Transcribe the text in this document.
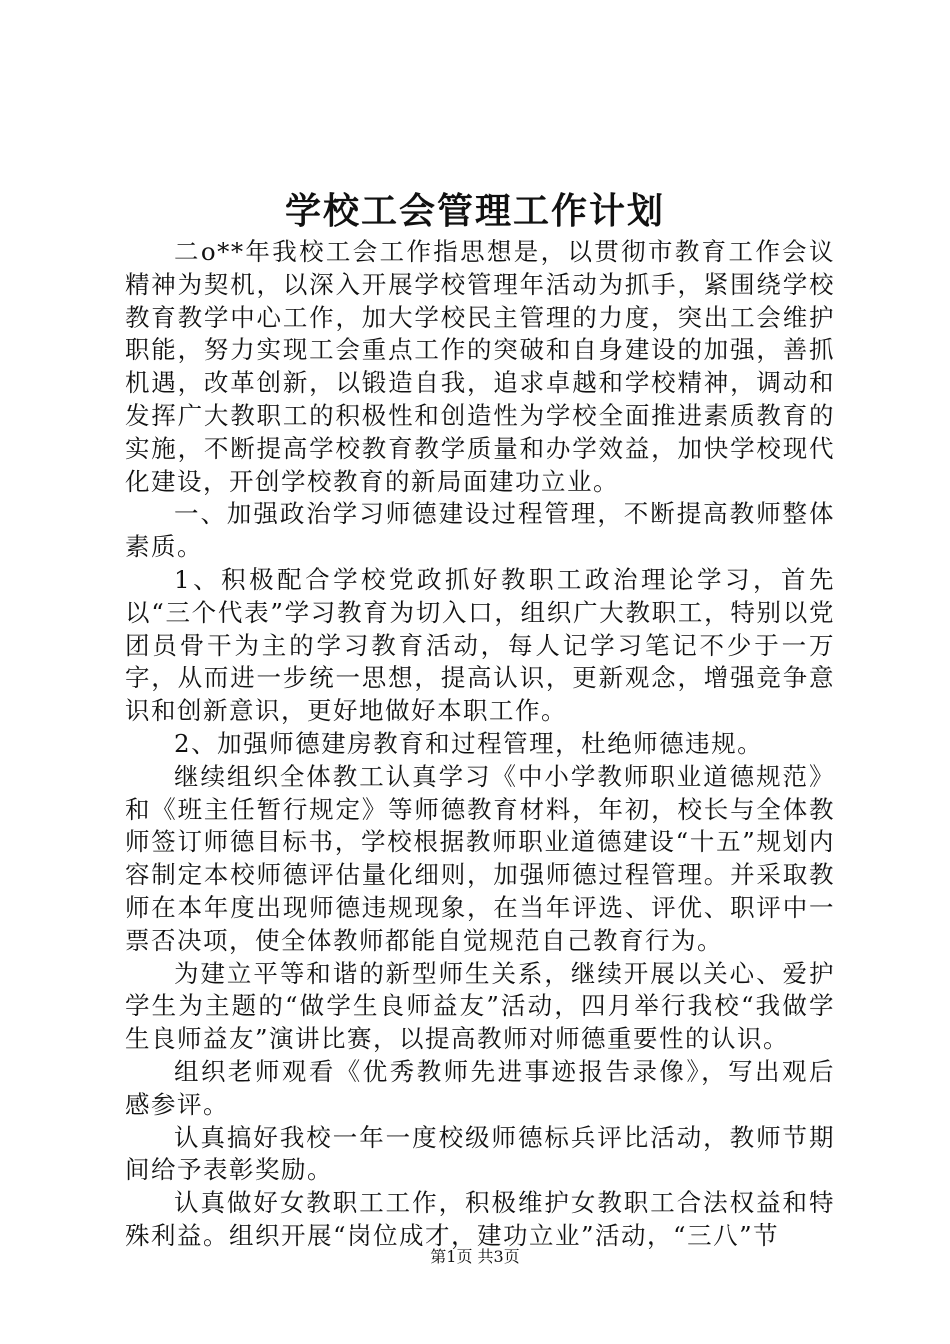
学校工会管理工作计划

二o**年我校工会工作指思想是，以贯彻市教育工作会议精神为契机，以深入开展学校管理年活动为抓手，紧围绕学校教育教学中心工作，加大学校民主管理的力度，突出工会维护职能，努力实现工会重点工作的突破和自身建设的加强，善抓机遇，改革创新，以锻造自我，追求卓越和学校精神，调动和发挥广大教职工的积极性和创造性为学校全面推进素质教育的实施，不断提高学校教育教学质量和办学效益，加快学校现代化建设，开创学校教育的新局面建功立业。

一、加强政治学习师德建设过程管理，不断提高教师整体素质。

1、积极配合学校党政抓好教职工政治理论学习，首先以“三个代表”学习教育为切入口，组织广大教职工，特别以党团员骨干为主的学习教育活动，每人记学习笔记不少于一万字，从而进一步统一思想，提高认识，更新观念，增强竞争意识和创新意识，更好地做好本职工作。

2、加强师德建房教育和过程管理，杜绝师德违规。

继续组织全体教工认真学习《中小学教师职业道德规范》和《班主任暂行规定》等师德教育材料，年初，校长与全体教师签订师德目标书，学校根据教师职业道德建设“十五”规划内容制定本校师德评估量化细则，加强师德过程管理。并采取教师在本年度出现师德违规现象，在当年评选、评优、职评中一票否决项，使全体教师都能自觉规范自己教育行为。

为建立平等和谐的新型师生关系，继续开展以关心、爱护学生为主题的“做学生良师益友”活动，四月举行我校“我做学生良师益友”演讲比赛，以提高教师对师德重要性的认识。

组织老师观看《优秀教师先进事迹报告录像》，写出观后感参评。

认真搞好我校一年一度校级师德标兵评比活动，教师节期间给予表彰奖励。

认真做好女教职工工作，积极维护女教职工合法权益和特殊利益。组织开展“岗位成才，建功立业”活动，“三八”节

第1页 共3页
